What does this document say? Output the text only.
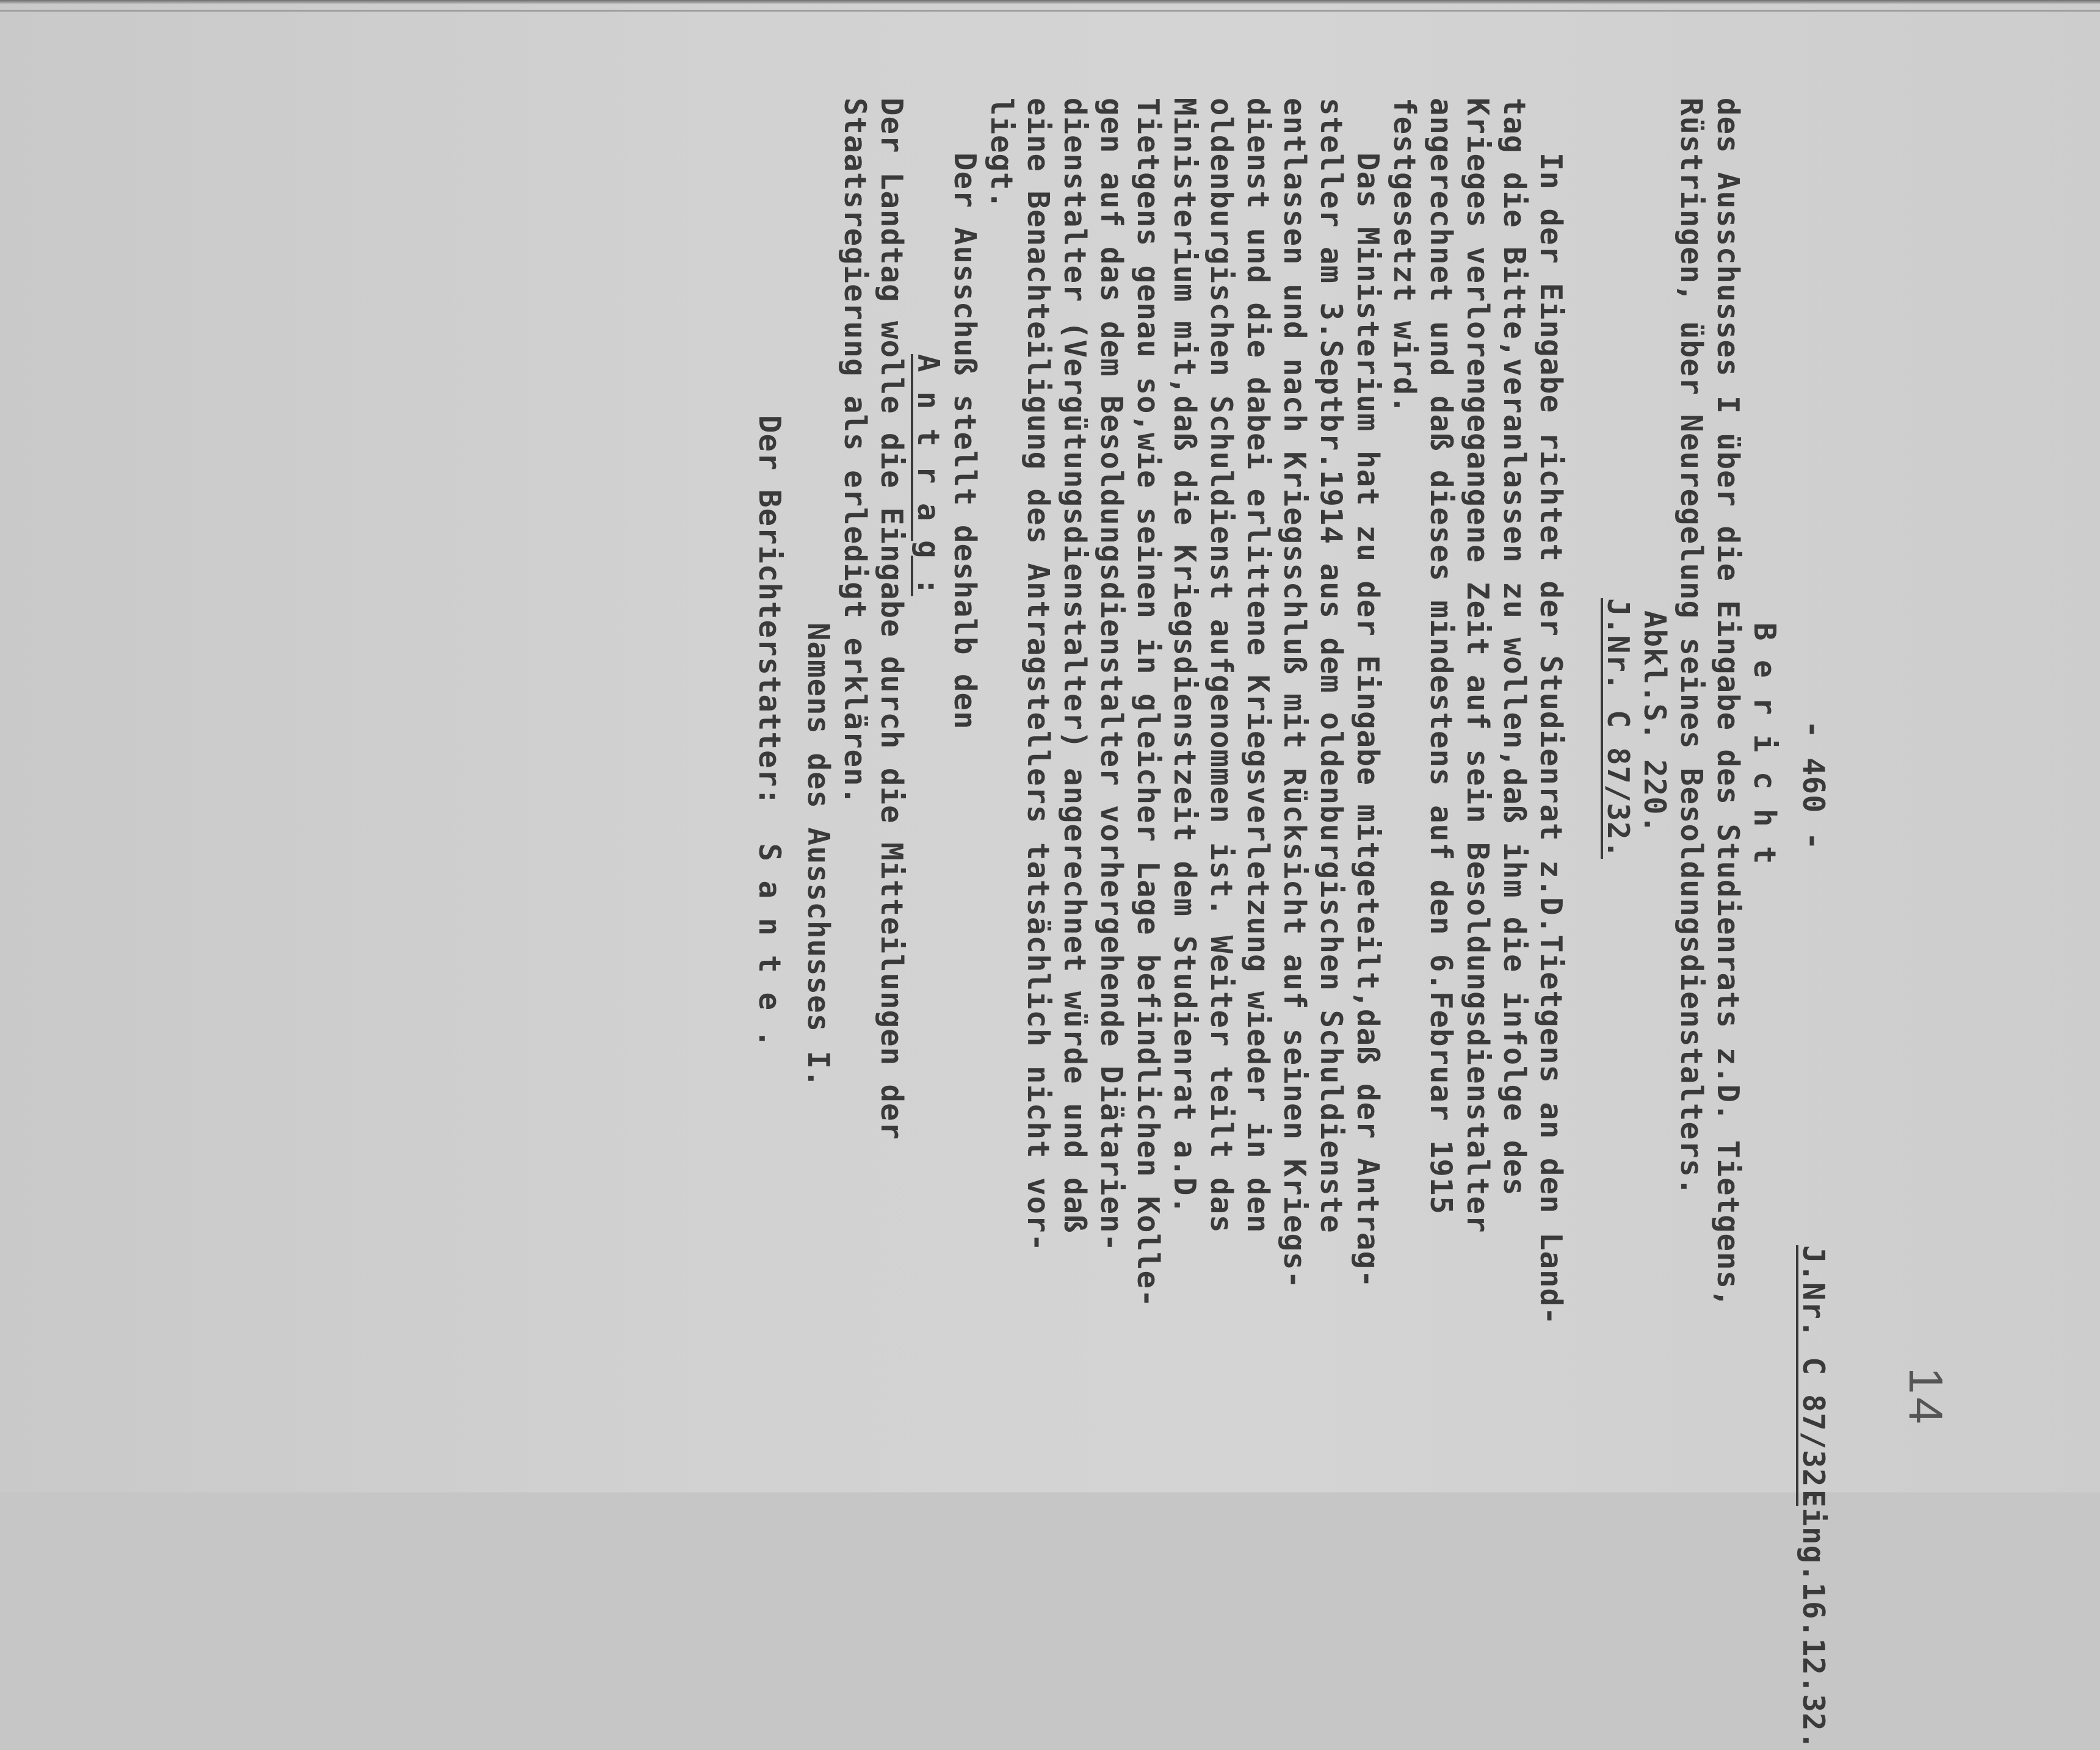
- 460 -
J.Nr. C 87/32.
Eing.16.12.32.
B e r i c h t
des Ausschusses I über die Eingabe des Studienrats z.D. Tietgens,
Rüstringen, über Neuregelung seines Besoldungsdienstalters.
Abkl.S. 220.
J.Nr. C 87/32.
In der Eingabe richtet der Studienrat z.D.Tietgens an den Land-
tag die Bitte,veranlassen zu wollen,daß ihm die infolge des
Krieges verlorengegangene Zeit auf sein Besoldungsdienstalter
angerechnet und daß dieses mindestens auf den 6.Februar 1915
festgesetzt wird.
Das Ministerium hat zu der Eingabe mitgeteilt,daß der Antrag-
steller am 3.Septbr.1914 aus dem oldenburgischen Schuldienste
entlassen und nach Kriegsschluß mit Rücksicht auf seinen Kriegs-
dienst und die dabei erlittene Kriegsverletzung wieder in den
oldenburgischen Schuldienst aufgenommen ist. Weiter teilt das
Ministerium mit,daß die Kriegsdienstzeit dem Studienrat a.D.
Tietgens genau so,wie seinen in gleicher Lage befindlichen Kolle-
gen auf das dem Besoldungsdienstalter vorhergehende Diätarien-
dienstalter (Vergütungsdienstalter) angerechnet würde und daß
eine Benachteiligung des Antragstellers tatsächlich nicht vor-
liegt.
Der Ausschuß stellt deshalb den
A n t r a g :
Der Landtag wolle die Eingabe durch die Mitteilungen der
Staatsregierung als erledigt erklären.
Namens des Ausschusses I.
Der Berichterstatter:  S a n t e .
14
